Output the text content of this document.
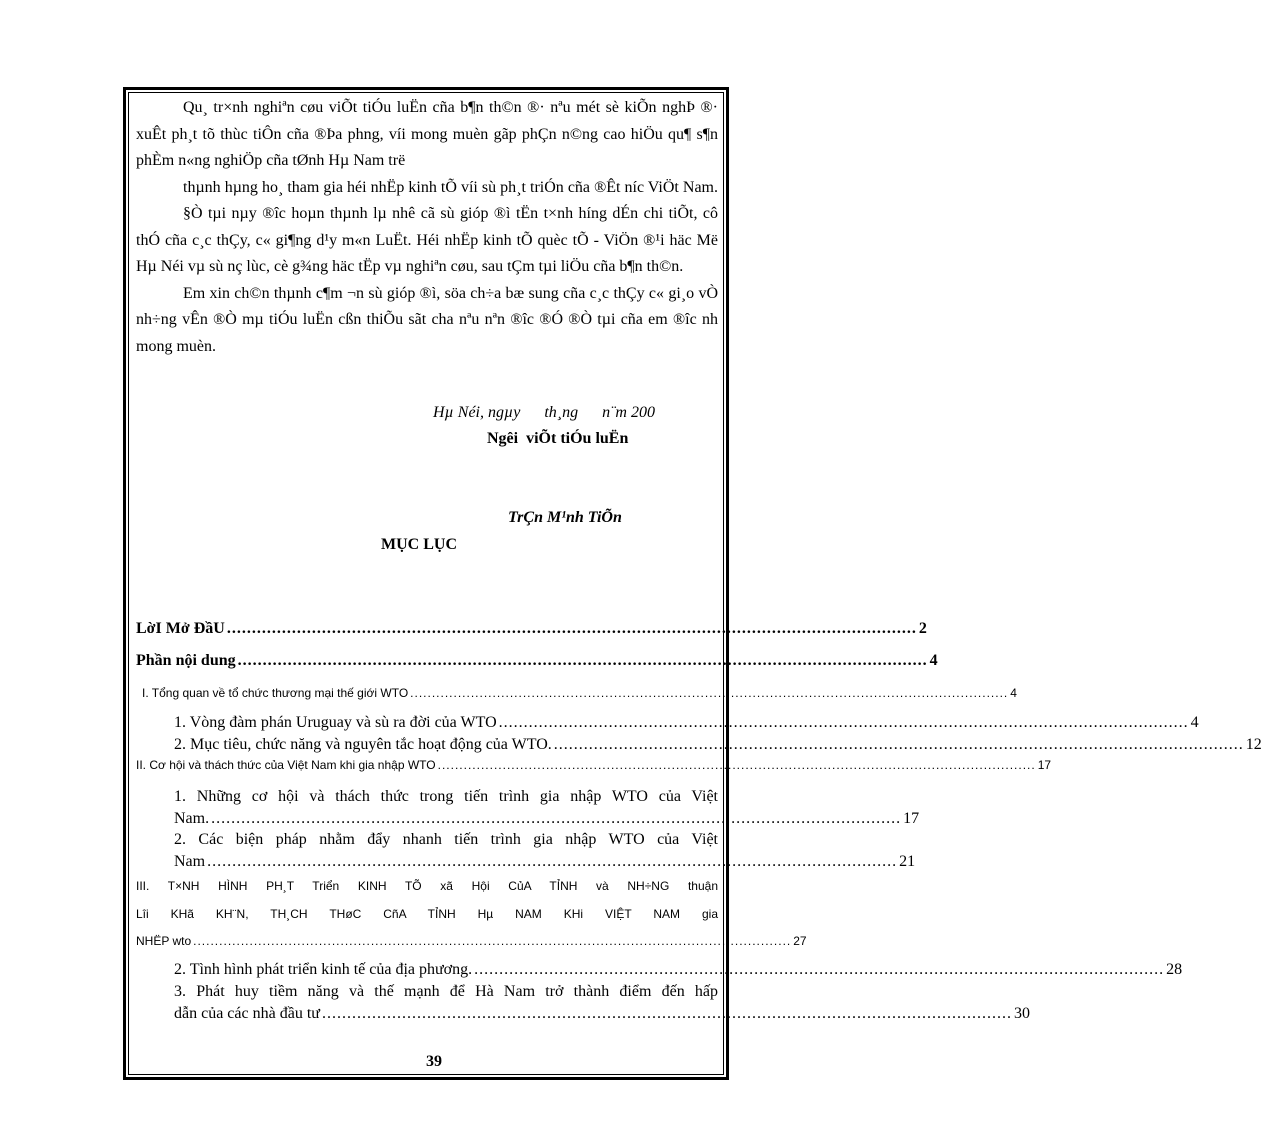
Qu¸ tr×nh nghiªn cøu viÕt tiÓu luËn cña b¶n th©n ®· nªu mét sè kiÕn nghÞ ®· xuÊt ph¸t tõ thùc tiÔn cña ®Þa phng, víi mong muèn gãp phÇn n©ng cao hiÖu qu¶ s¶n phÈm n«ng nghiÖp cña tØnh Hµ Nam trë

thµnh hµng ho¸ tham gia héi nhËp kinh tÕ víi sù ph¸t triÓn cña ®Êt níc ViÖt Nam.

§Ò tµi nµy ®îc hoµn thµnh lµ nhê cã sù gióp ®ì tËn t×nh híng dÉn chi tiÕt, cô thÓ cña c¸c thÇy, c« gi¶ng d¹y m«n LuËt. Héi nhËp kinh tÕ quèc tÕ - ViÖn ®¹i häc Më Hµ Néi vµ sù nç lùc, cè g¾ng häc tËp vµ nghiªn cøu, sau tÇm tµi liÖu cña b¶n th©n.

Em xin ch©n thµnh c¶m ¬n sù gióp ®ì, söa ch÷a bæ sung cña c¸c thÇy c« gi¸o vÒ nh÷ng vÊn ®Ò mµ tiÓu luËn cßn thiÕu sãt cha nªu nªn ®îc ®Ó ®Ò tµi cña em ®îc nh mong muèn.

Hµ Néi, ngµy      th¸ng      n¨m 200
Ngêi  viÕt tiÓu luËn
TrÇn M¹nh TiÕn
MỤC LỤC
LờI Mở ĐầU .......................................................................................................................................... 2
Phần nội dung .......................................................................................................................................... 4
I. Tổng quan về tổ chức thương mại thế giới WTO .......................................................................................................................................... 4
1. Vòng đàm phán Uruguay và sù ra đời của WTO .......................................................................................................................................... 4
2. Mục tiêu, chức năng và nguyên tắc hoạt động của WTO. .......................................................................................................................................... 12
II. Cơ hội và thách thức của Việt Nam khi gia nhập WTO .......................................................................................................................................... 17
1. Những cơ hội và thách thức trong tiến trình gia nhập WTO của Việt
Nam. .......................................................................................................................................... 17
2. Các biện pháp nhằm đẩy nhanh tiến trình gia nhập WTO của Việt
Nam .......................................................................................................................................... 21
III. T×NH HÌNH PH¸T Triển KINH TÕ xã Hội CủA TỈNH và NH÷NG thuận
Lîi KHã KH¨N, TH¸CH THøC CñA TỈNH Hµ NAM KHi VIỆT NAM gia
NHËP wto .......................................................................................................................................... 27
2. Tình hình phát triển kinh tế của địa phương. .......................................................................................................................................... 28
3. Phát huy tiềm năng và thế mạnh để Hà Nam trở thành điểm đến hấp
dẫn của các nhà đầu tư .......................................................................................................................................... 30
39
